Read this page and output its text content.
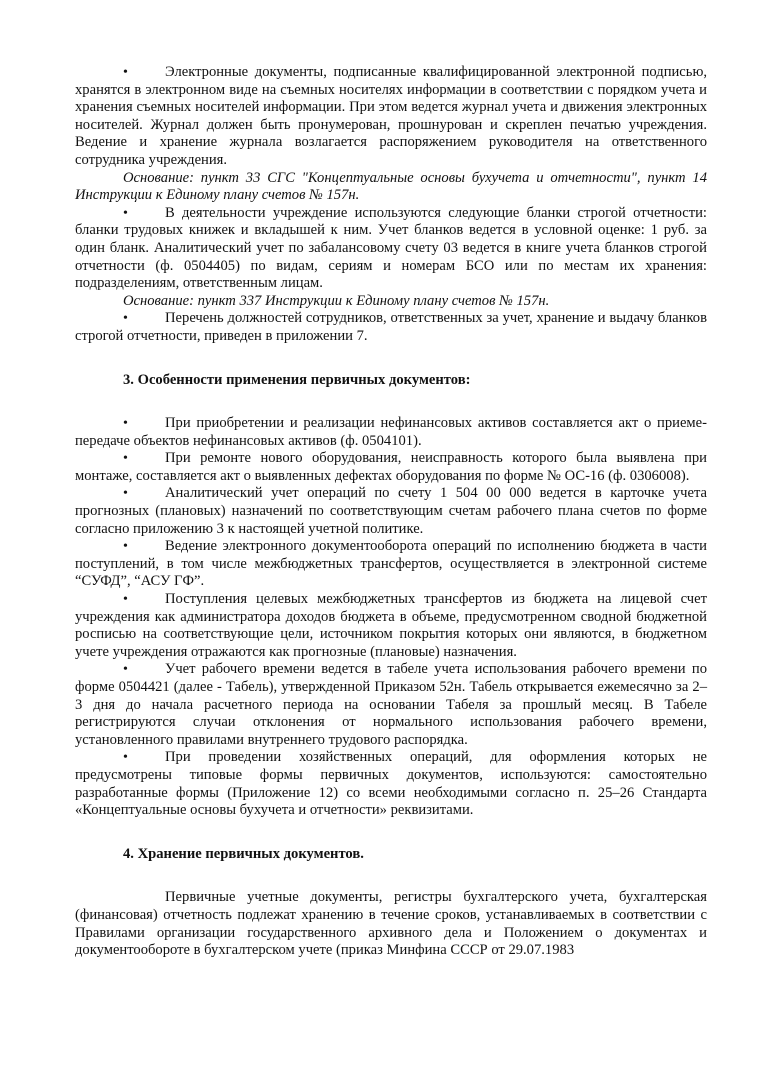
•	Электронные документы, подписанные квалифицированной электронной подписью, хранятся в электронном виде на съемных носителях информации в соответствии с порядком учета и хранения съемных носителей информации. При этом ведется журнал учета и движения электронных носителей. Журнал должен быть пронумерован, прошнурован и скреплен печатью учреждения. Ведение и хранение журнала возлагается распоряжением руководителя на ответственного сотрудника учреждения.

Основание: пункт 33 СГС "Концептуальные основы бухучета и отчетности", пункт 14 Инструкции к Единому плану счетов № 157н.

•	В деятельности учреждение используются следующие бланки строгой отчетности: бланки трудовых книжек и вкладышей к ним. Учет бланков ведется в условной оценке: 1 руб. за один бланк. Аналитический учет по забалансовому счету 03 ведется в книге учета бланков строгой отчетности (ф. 0504405) по видам, сериям и номерам БСО или по местам их хранения: подразделениям, ответственным лицам.

Основание: пункт 337 Инструкции к Единому плану счетов № 157н.

•	Перечень должностей сотрудников, ответственных за учет, хранение и выдачу бланков строгой отчетности, приведен в приложении 7.

3. Особенности применения первичных документов:

•	При приобретении и реализации нефинансовых активов составляется акт о приеме-передаче объектов нефинансовых активов (ф. 0504101).

•	При ремонте нового оборудования, неисправность которого была выявлена при монтаже, составляется акт о выявленных дефектах оборудования по форме № ОС-16 (ф. 0306008).

•	Аналитический учет операций по счету 1 504 00 000 ведется в карточке учета прогнозных (плановых) назначений по соответствующим счетам рабочего плана счетов по форме согласно приложению 3 к настоящей учетной политике.

•	Ведение электронного документооборота операций по исполнению бюджета в части поступлений, в том числе межбюджетных трансфертов, осуществляется в электронной системе “СУФД”, “АСУ ГФ”.

•	Поступления целевых межбюджетных трансфертов из бюджета на лицевой счет учреждения как администратора доходов бюджета в объеме, предусмотренном сводной бюджетной росписью на соответствующие цели, источником покрытия которых они являются, в бюджетном учете учреждения отражаются как прогнозные (плановые) назначения.

•	Учет рабочего времени ведется в табеле учета использования рабочего времени по форме 0504421 (далее - Табель), утвержденной Приказом 52н. Табель открывается ежемесячно за 2–3 дня до начала расчетного периода на основании Табеля за прошлый месяц. В Табеле регистрируются случаи отклонения от нормального использования рабочего времени, установленного правилами внутреннего трудового распорядка.

•	При проведении хозяйственных операций, для оформления которых не предусмотрены типовые формы первичных документов, используются: самостоятельно разработанные формы (Приложение 12) со всеми необходимыми согласно п. 25–26 Стандарта «Концептуальные основы бухучета и отчетности» реквизитами.

4. Хранение первичных документов.

Первичные учетные документы, регистры бухгалтерского учета, бухгалтерская (финансовая) отчетность подлежат хранению в течение сроков, устанавливаемых в соответствии с Правилами организации государственного архивного дела и Положением о документах и документообороте в бухгалтерском учете (приказ Минфина СССР от 29.07.1983
